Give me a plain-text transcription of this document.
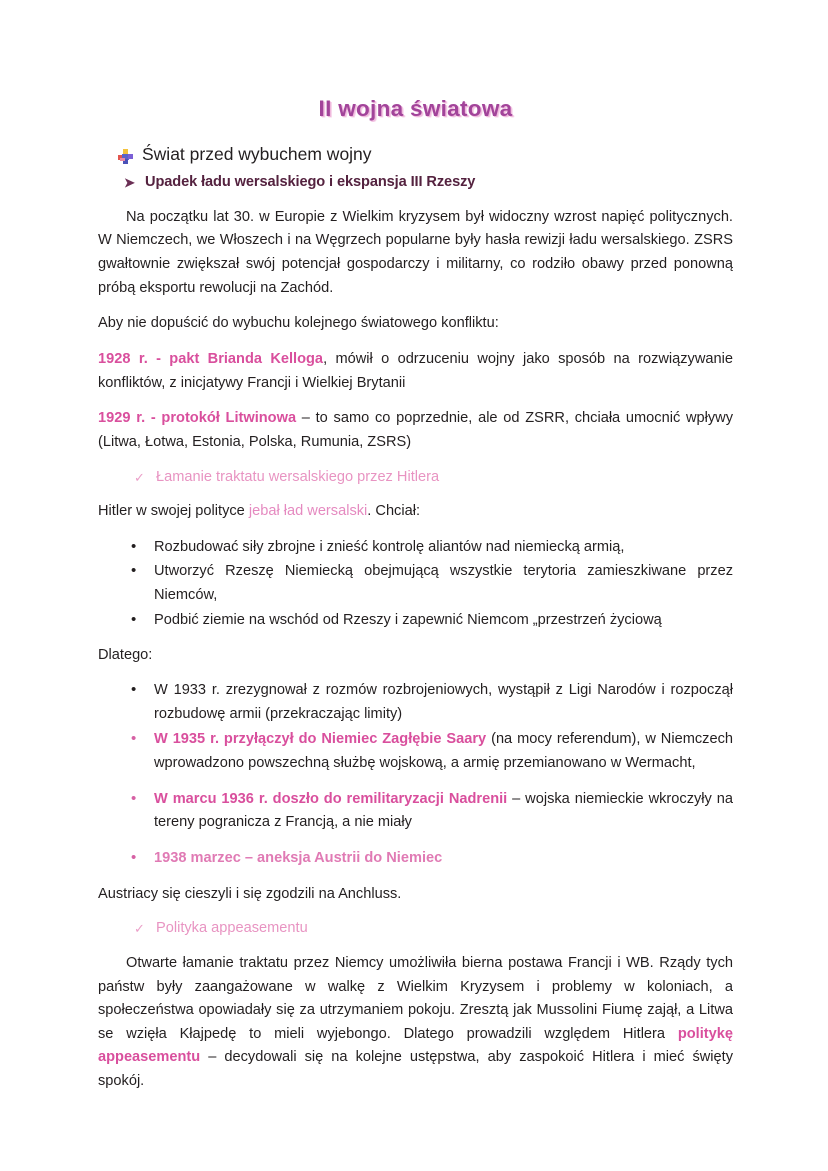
II wojna światowa
Świat przed wybuchem wojny
➤ Upadek ładu wersalskiego i ekspansja III Rzeszy

Na początku lat 30. w Europie z Wielkim kryzysem był widoczny wzrost napięć politycznych. W Niemczech, we Włoszech i na Węgrzech popularne były hasła rewizji ładu wersalskiego. ZSRS gwałtownie zwiększał swój potencjał gospodarczy i militarny, co rodziło obawy przed ponowną próbą eksportu rewolucji na Zachód.

Aby nie dopuścić do wybuchu kolejnego światowego konfliktu:

1928 r. - pakt Brianda Kelloga, mówił o odrzuceniu wojny jako sposób na rozwiązywanie konfliktów, z inicjatywy Francji i Wielkiej Brytanii

1929 r. - protokół Litwinowa – to samo co poprzednie, ale od ZSRR, chciała umocnić wpływy (Litwa, Łotwa, Estonia, Polska, Rumunia, ZSRS)

✓ Łamanie traktatu wersalskiego przez Hitlera

Hitler w swojej polityce jebał ład wersalski. Chciał:

• Rozbudować siły zbrojne i znieść kontrolę aliantów nad niemiecką armią,
• Utworzyć Rzeszę Niemiecką obejmującą wszystkie terytoria zamieszkiwane przez Niemców,
• Podbić ziemie na wschód od Rzeszy i zapewnić Niemcom „przestrzeń życiową

Dlatego:

• W 1933 r. zrezygnował z rozmów rozbrojeniowych, wystąpił z Ligi Narodów i rozpoczął rozbudowę armii (przekraczając limity)
• W 1935 r. przyłączył do Niemiec Zagłębie Saary (na mocy referendum), w Niemczech wprowadzono powszechną służbę wojskową, a armię przemianowano w Wermacht,
• W marcu 1936 r. doszło do remilitaryzacji Nadrenii – wojska niemieckie wkroczyły na tereny pogranicza z Francją, a nie miały
• 1938 marzec – aneksja Austrii do Niemiec

Austriacy się cieszyli i się zgodzili na Anchluss.

✓ Polityka appeasementu

Otwarte łamanie traktatu przez Niemcy umożliwiła bierna postawa Francji i WB. Rządy tych państw były zaangażowane w walkę z Wielkim Kryzysem i problemy w koloniach, a społeczeństwa opowiadały się za utrzymaniem pokoju. Zresztą jak Mussolini Fiumę zajął, a Litwa se wzięła Kłajpedę to mieli wyjebongo. Dlatego prowadzili względem Hitlera politykę appeasementu – decydowali się na kolejne ustępstwa, aby zaspokoić Hitlera i mieć święty spokój.
